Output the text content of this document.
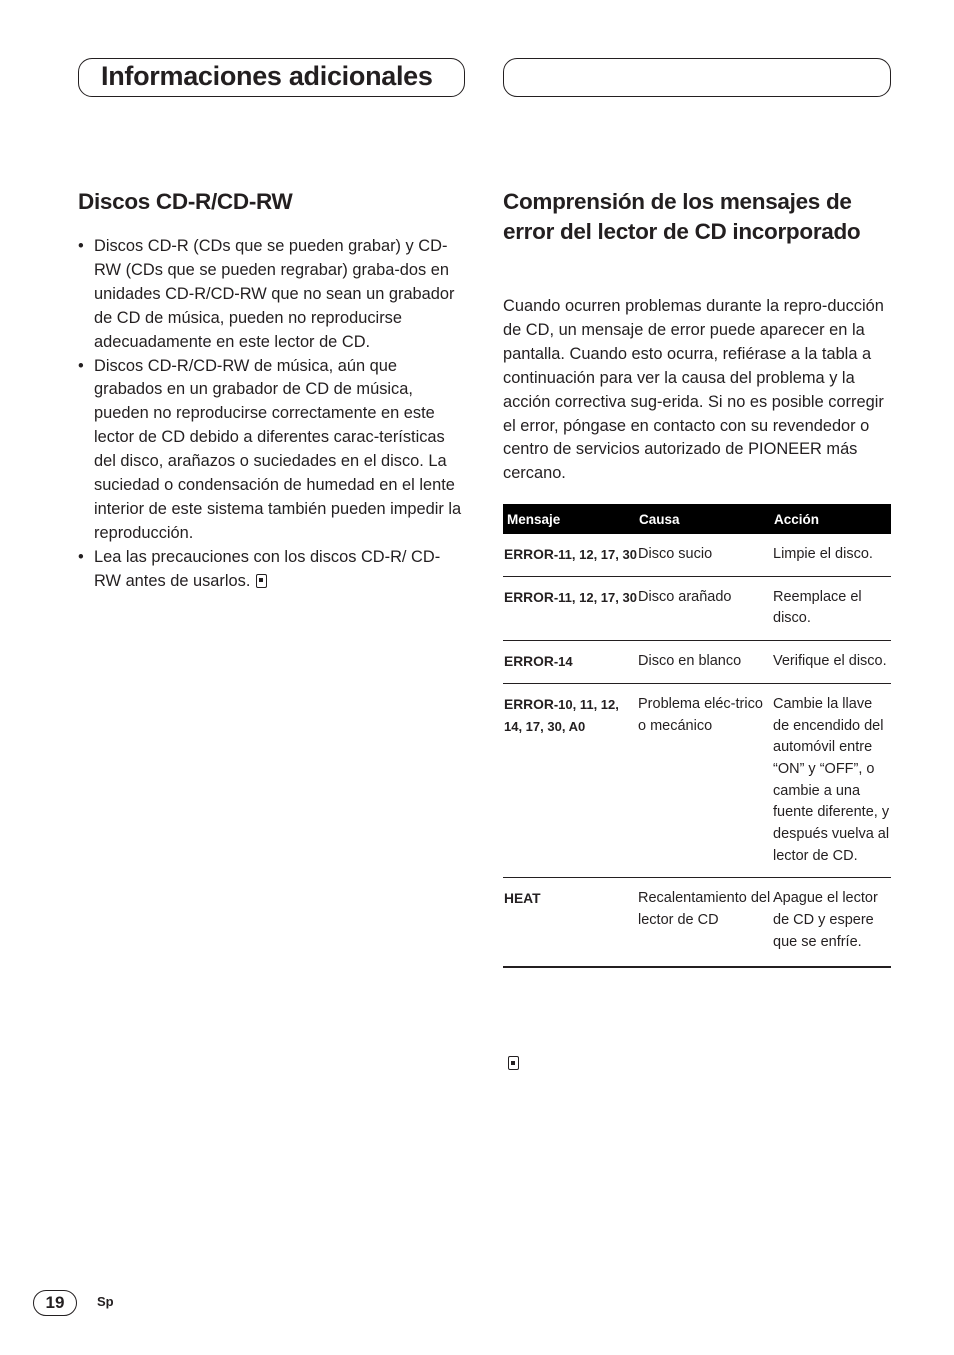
Informaciones adicionales
Discos CD-R/CD-RW
• Discos CD-R (CDs que se pueden grabar) y CD-RW (CDs que se pueden regrabar) graba-dos en unidades CD-R/CD-RW que no sean un grabador de CD de música, pueden no reproducirse adecuadamente en este lector de CD.
• Discos CD-R/CD-RW de música, aún que grabados en un grabador de CD de música, pueden no reproducirse correctamente en este lector de CD debido a diferentes carac-terísticas del disco, arañazos o suciedades en el disco. La suciedad o condensación de humedad en el lente interior de este sistema también pueden impedir la reproducción.
• Lea las precauciones con los discos CD-R/ CD-RW antes de usarlos.
Comprensión de los mensajes de error del lector de CD incorporado

Cuando ocurren problemas durante la repro-ducción de CD, un mensaje de error puede aparecer en la pantalla. Cuando esto ocurra, refiérase a la tabla a continuación para ver la causa del problema y la acción correctiva sug-erida. Si no es posible corregir el error, póngase en contacto con su revendedor o centro de servicios autorizado de PIONEER más cercano.

Mensaje	Causa	Acción
ERROR-11, 12, 17, 30	Disco sucio	Limpie el disco.
ERROR-11, 12, 17, 30	Disco arañado	Reemplace el disco.
ERROR-14	Disco en blanco	Verifique el disco.
ERROR-10, 11, 12, 14, 17, 30, A0	Problema eléc-trico o mecánico	Cambie la llave de encendido del automóvil entre “ON” y “OFF”, o cambie a una fuente diferente, y después vuelva al lector de CD.
HEAT	Recalentamiento del lector de CD	Apague el lector de CD y espere que se enfríe.
19	Sp
